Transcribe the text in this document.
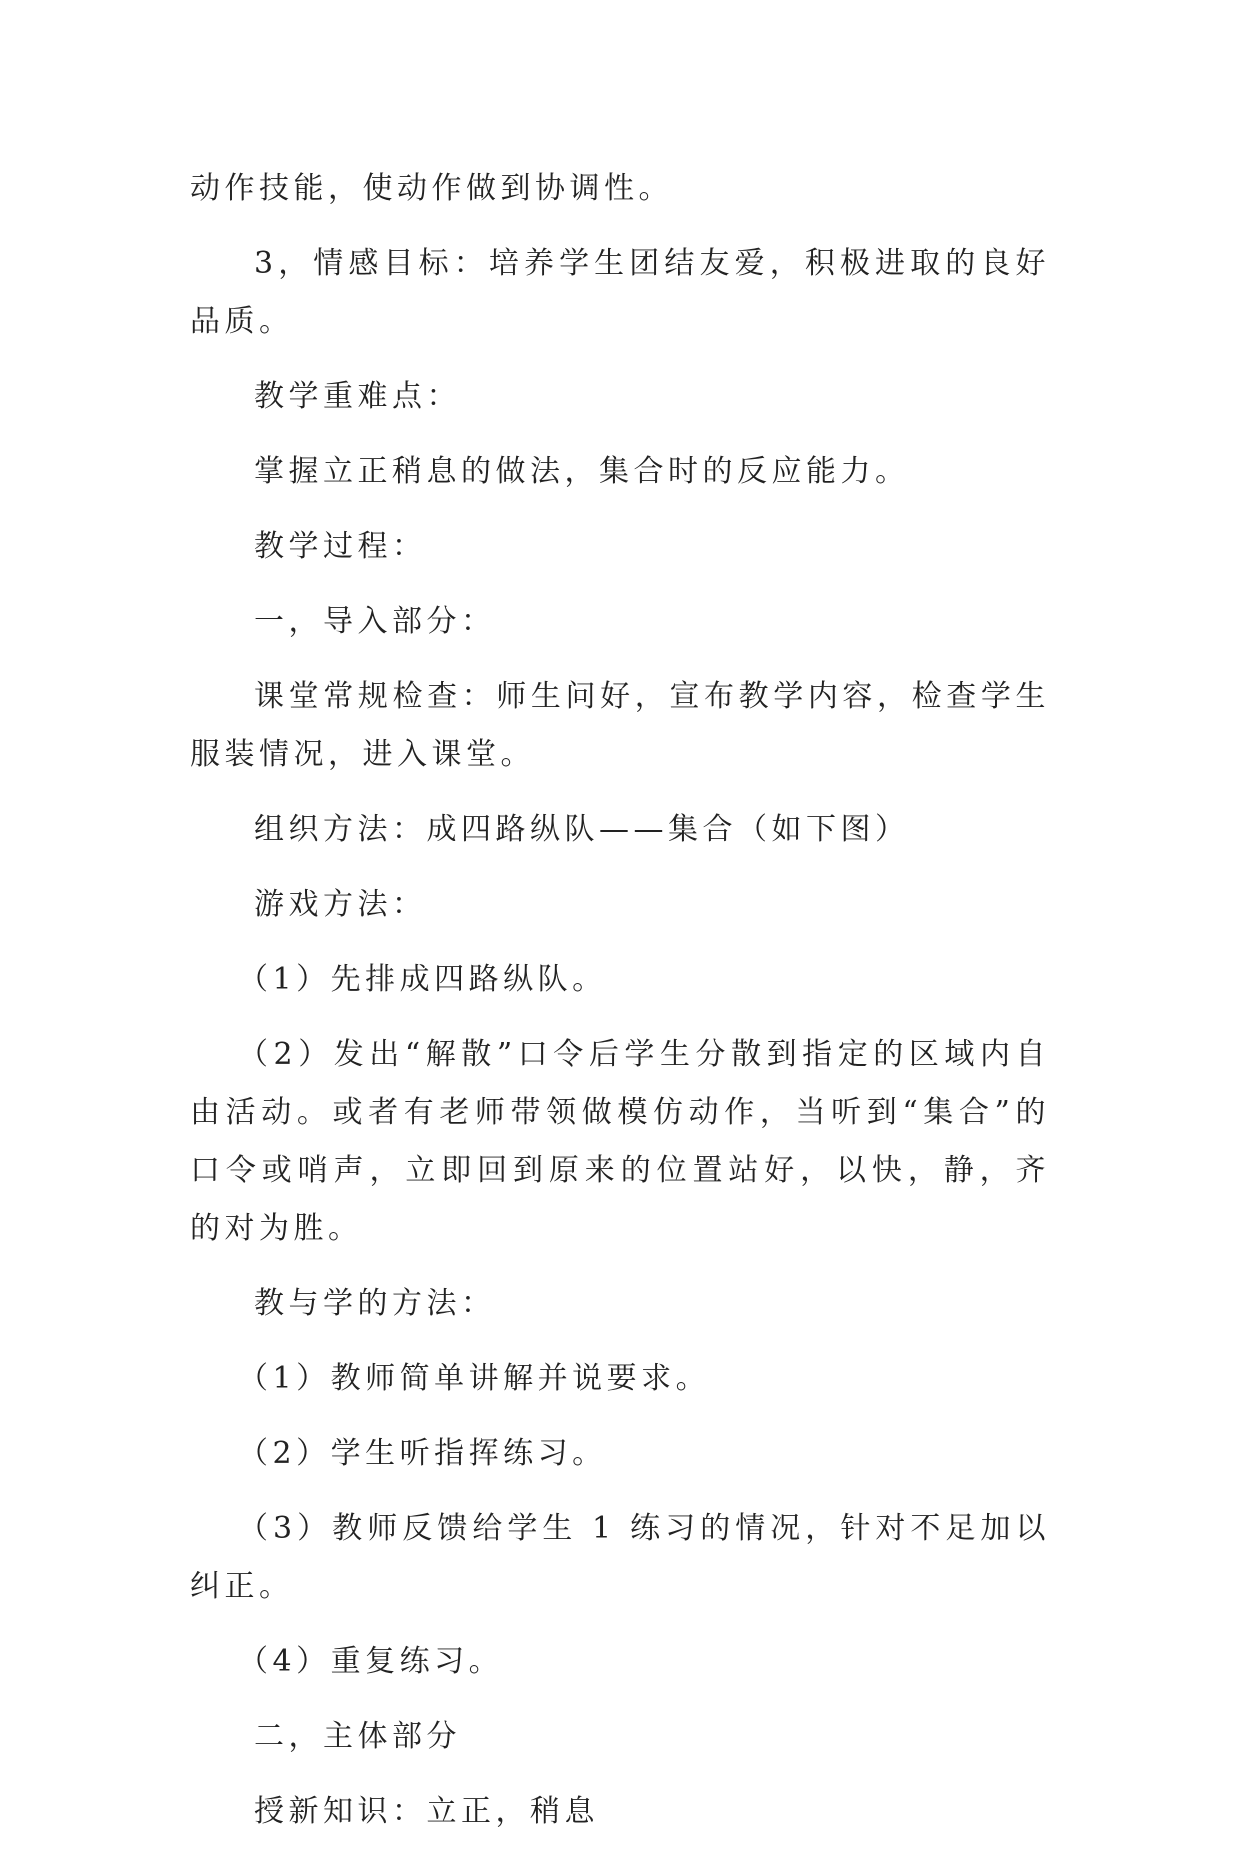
动作技能，使动作做到协调性。

3，情感目标：培养学生团结友爱，积极进取的良好品质。

教学重难点：

掌握立正稍息的做法，集合时的反应能力。

教学过程：

一，导入部分：

课堂常规检查：师生问好，宣布教学内容，检查学生服装情况，进入课堂。

组织方法：成四路纵队——集合（如下图）

游戏方法：

（1）先排成四路纵队。

（2）发出“解散”口令后学生分散到指定的区域内自由活动。或者有老师带领做模仿动作，当听到“集合”的口令或哨声，立即回到原来的位置站好，以快，静，齐的对为胜。

教与学的方法：

（1）教师简单讲解并说要求。

（2）学生听指挥练习。

（3）教师反馈给学生 1 练习的情况，针对不足加以纠正。

（4）重复练习。

二，主体部分

授新知识：立正，稍息
